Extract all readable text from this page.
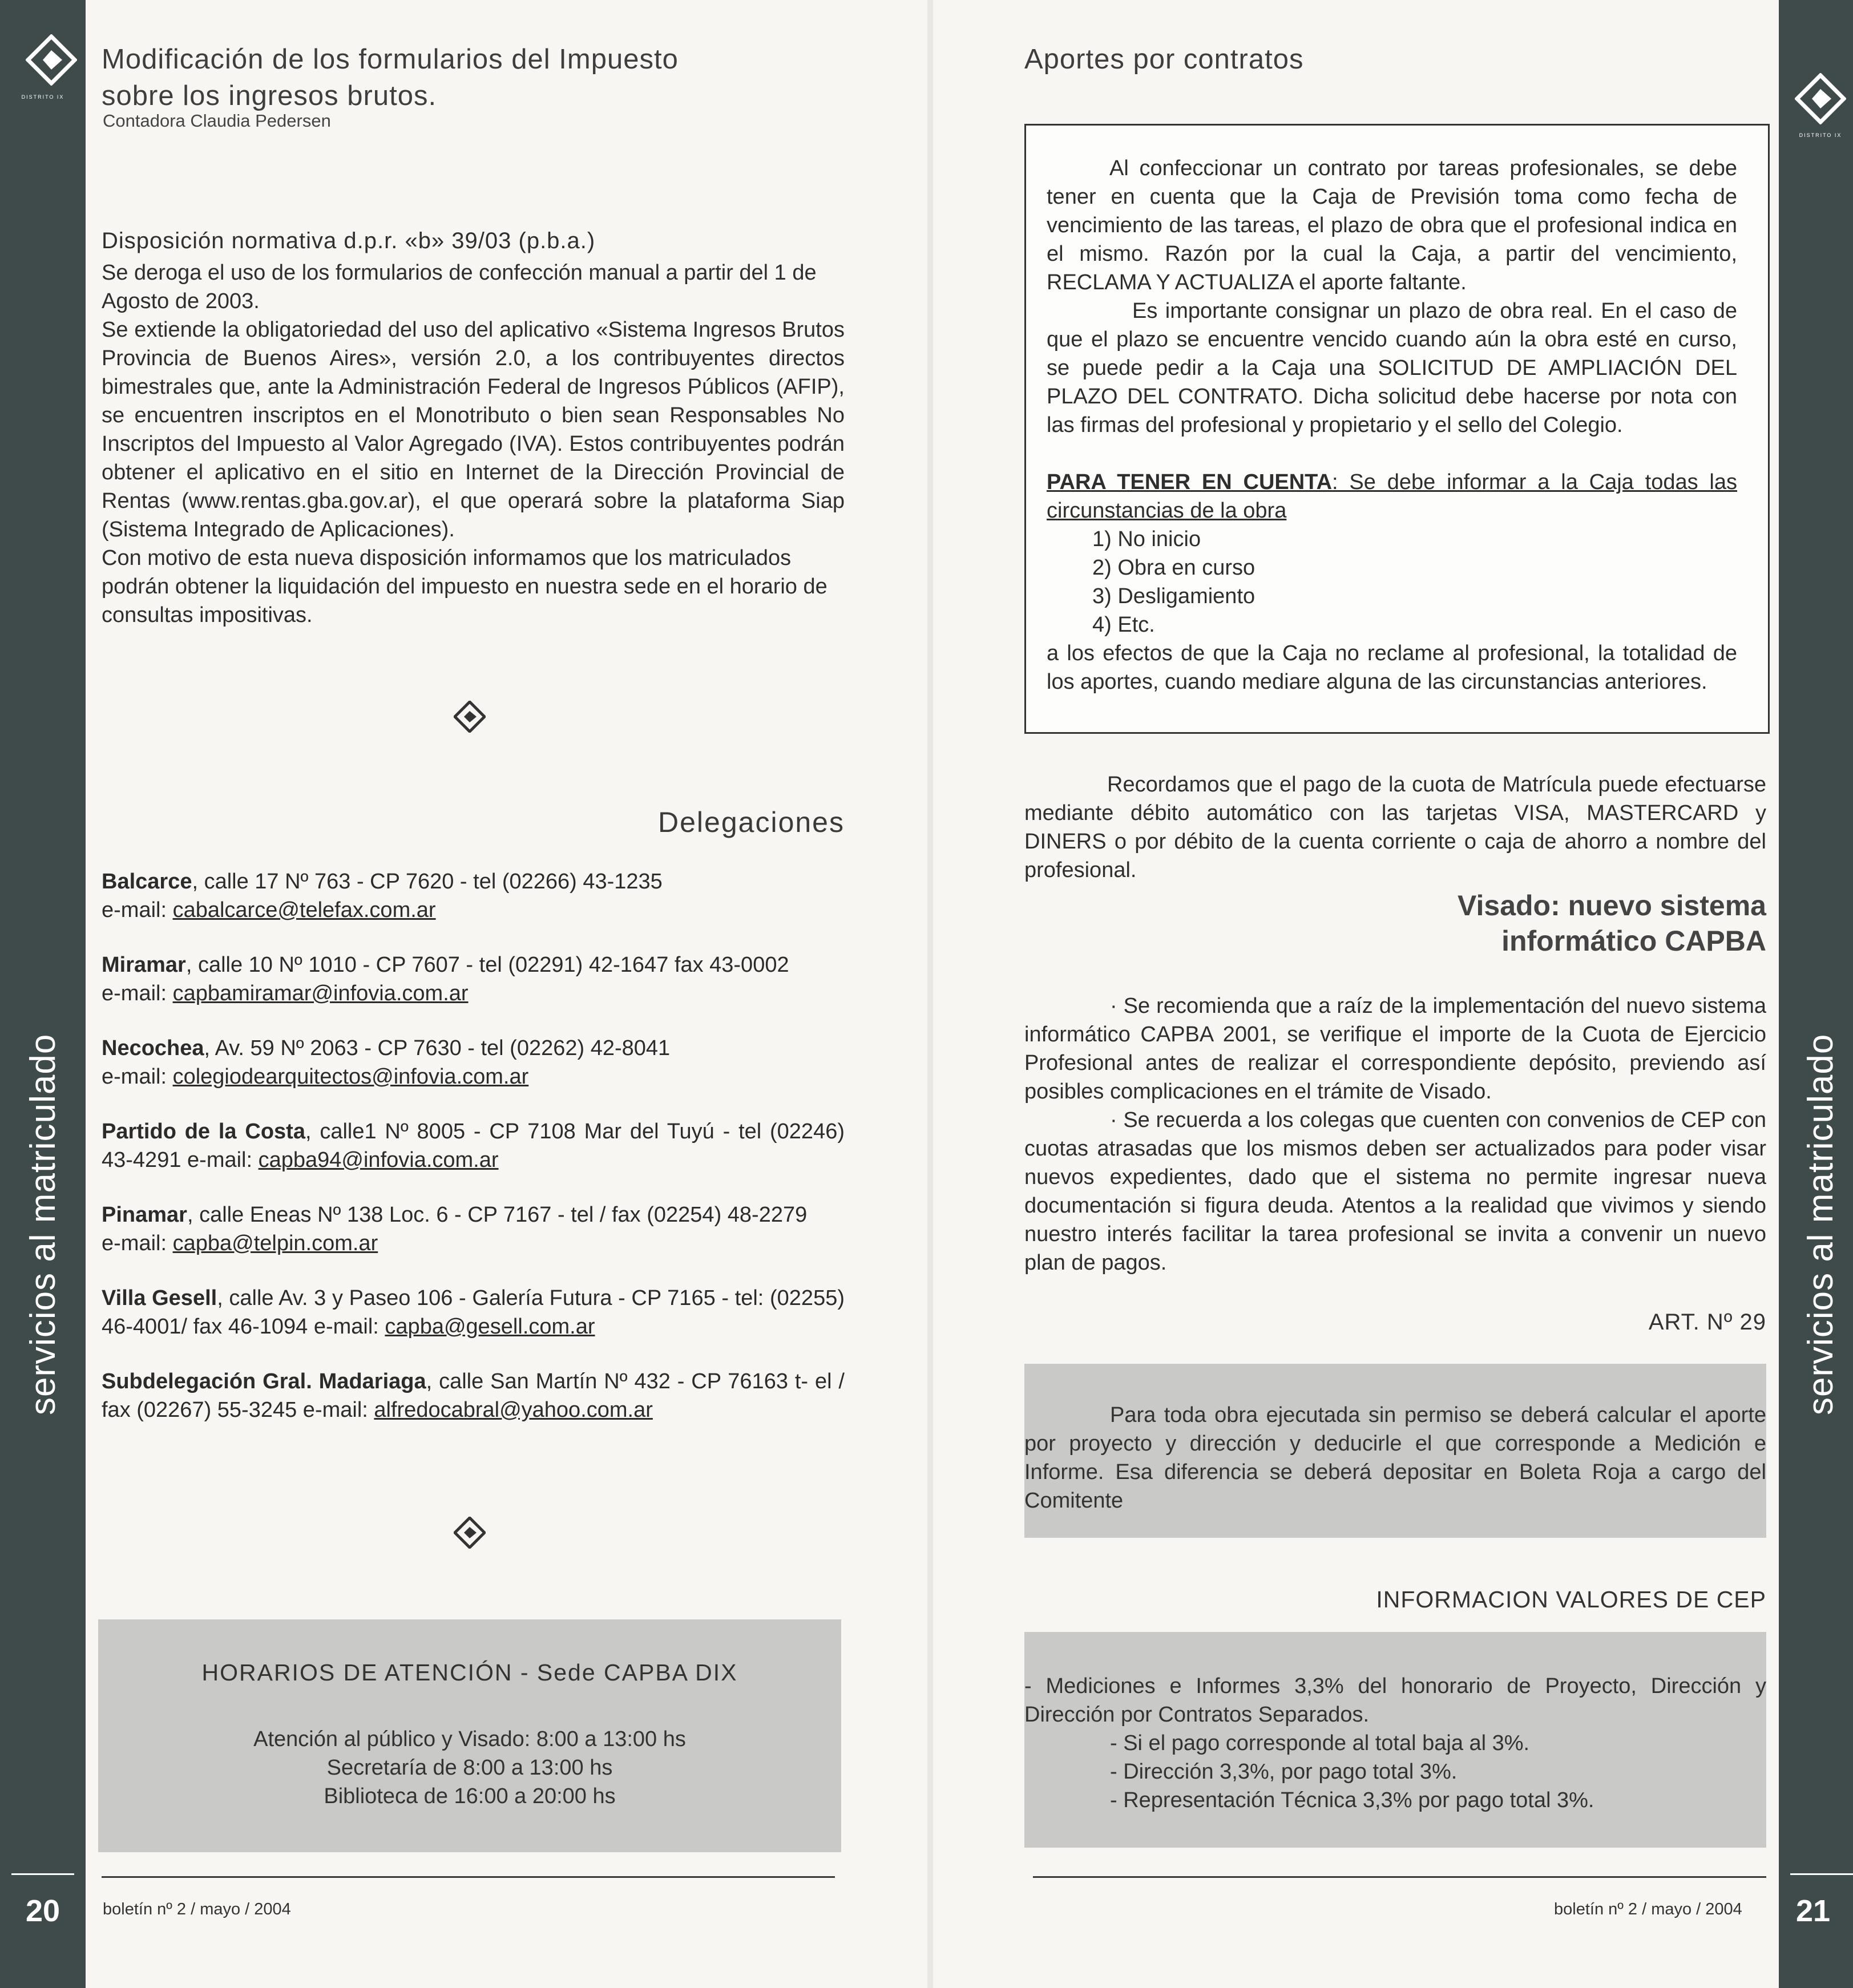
DISTRITO IX
servicios al matriculado
20
Modificación de los formularios del Impuesto
sobre los ingresos brutos.
Contadora Claudia Pedersen
Disposición normativa d.p.r. «b» 39/03 (p.b.a.)

Se deroga el uso de los formularios de confección manual a partir del 1 de Agosto de 2003.

Se extiende la obligatoriedad del uso del aplicativo «Sistema Ingresos Brutos Provincia de Buenos Aires», versión 2.0, a los contribuyentes directos bimestrales que, ante la Administración Federal de Ingresos Públicos (AFIP), se encuentren inscriptos en el Monotributo o bien sean Responsables No Inscriptos del Impuesto al Valor Agregado (IVA). Estos contribuyentes podrán obtener el aplicativo en el sitio en Internet de la Dirección Provincial de Rentas (www.rentas.gba.gov.ar), el que operará sobre la plataforma Siap (Sistema Integrado de Aplicaciones).

Con motivo de esta nueva disposición informamos que los matriculados podrán obtener la liquidación del impuesto en nuestra sede en el horario de consultas impositivas.

Delegaciones

Balcarce, calle 17 Nº 763 - CP 7620 - tel (02266) 43-1235
e-mail: cabalcarce@telefax.com.ar

Miramar, calle 10 Nº 1010 - CP 7607 - tel (02291) 42-1647 fax 43-0002
e-mail: capbamiramar@infovia.com.ar

Necochea, Av. 59 Nº 2063 - CP 7630 - tel (02262) 42-8041
e-mail: colegiodearquitectos@infovia.com.ar

Partido de la Costa, calle1 Nº 8005 - CP 7108 Mar del Tuyú - tel (02246) 43-4291 e-mail: capba94@infovia.com.ar

Pinamar, calle Eneas Nº 138 Loc. 6 - CP 7167 - tel / fax (02254) 48-2279
e-mail: capba@telpin.com.ar

Villa Gesell, calle Av. 3 y Paseo 106 - Galería Futura - CP 7165 - tel: (02255) 46-4001/ fax 46-1094 e-mail: capba@gesell.com.ar

Subdelegación Gral. Madariaga, calle San Martín Nº 432 - CP 76163 t- el / fax (02267) 55-3245 e-mail: alfredocabral@yahoo.com.ar

HORARIOS DE ATENCIÓN - Sede CAPBA DIX
Atención al público y Visado: 8:00 a 13:00 hs
Secretaría de 8:00 a 13:00 hs
Biblioteca de 16:00 a 20:00 hs
boletín nº 2 / mayo / 2004
DISTRITO IX
servicios al matriculado
21
Aportes por contratos

Al confeccionar un contrato por tareas profesionales, se debe tener en cuenta que la Caja de Previsión toma como fecha de vencimiento de las tareas, el plazo de obra que el profesional indica en el mismo. Razón por la cual la Caja, a partir del vencimiento, RECLAMA Y ACTUALIZA el aporte faltante.

Es importante consignar un plazo de obra real. En el caso de que el plazo se encuentre vencido cuando aún la obra esté en curso, se puede pedir a la Caja una SOLICITUD DE AMPLIACIÓN DEL PLAZO DEL CONTRATO. Dicha solicitud debe hacerse por nota con las firmas del profesional y propietario y el sello del Colegio.

PARA TENER EN CUENTA: Se debe informar a la Caja todas las circunstancias de la obra

1) No inicio
2) Obra en curso
3) Desligamiento
4) Etc.

a los efectos de que la Caja no reclame al profesional, la totalidad de los aportes, cuando mediare alguna de las circunstancias anteriores.

Recordamos que el pago de la cuota de Matrícula puede efectuarse mediante débito automático con las tarjetas VISA, MASTERCARD y DINERS o por débito de la cuenta corriente o caja de ahorro a nombre del profesional.
Visado: nuevo sistema
informático CAPBA

· Se recomienda que a raíz de la implementación del nuevo sistema informático CAPBA 2001, se verifique el importe de la Cuota de Ejercicio Profesional antes de realizar el correspondiente depósito, previendo así posibles complicaciones en el trámite de Visado.

· Se recuerda a los colegas que cuenten con convenios de CEP con cuotas atrasadas que los mismos deben ser actualizados para poder visar nuevos expedientes, dado que el sistema no permite ingresar nueva documentación si figura deuda. Atentos a la realidad que vivimos y siendo nuestro interés facilitar la tarea profesional se invita a convenir un nuevo plan de pagos.

ART. Nº 29
Para toda obra ejecutada sin permiso se deberá calcular el aporte por proyecto y dirección y deducirle el que corresponde a Medición e Informe. Esa diferencia se deberá depositar en Boleta Roja a cargo del Comitente
INFORMACION VALORES DE CEP

- Mediciones e Informes 3,3% del honorario de Proyecto, Dirección y Dirección por Contratos Separados.

- Si el pago corresponde al total baja al 3%.

- Dirección 3,3%, por pago total 3%.

- Representación Técnica 3,3% por pago total 3%.

boletín nº 2 / mayo / 2004
